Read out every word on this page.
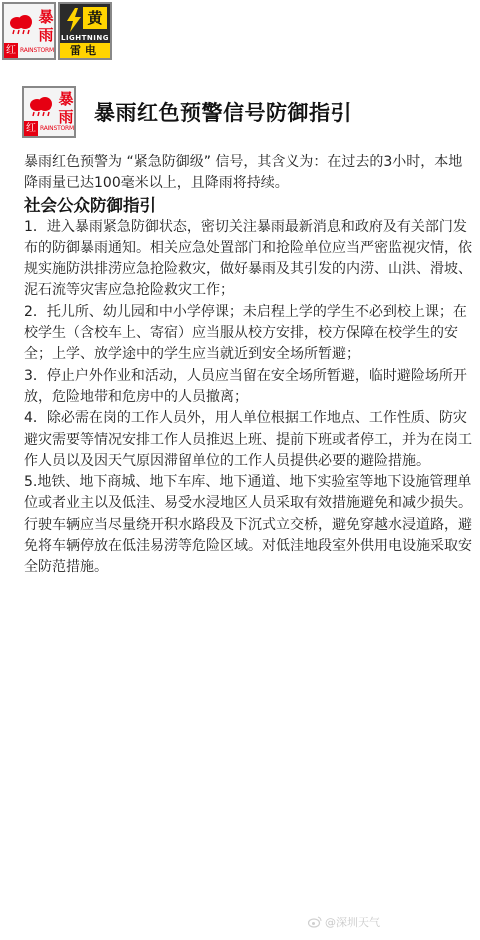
暴
雨
红 RAINSTORM
黄
LIGHTNING
雷电
暴
雨
红 RAINSTORM
暴雨红色预警信号防御指引

暴雨红色预警为 “紧急防御级” 信号，其含义为：在过去的3小时，本地降雨量已达100毫米以上，且降雨将持续。

社会公众防御指引

1．进入暴雨紧急防御状态，密切关注暴雨最新消息和政府及有关部门发布的防御暴雨通知。相关应急处置部门和抢险单位应当严密监视灾情，依规实施防洪排涝应急抢险救灾，做好暴雨及其引发的内涝、山洪、滑坡、泥石流等灾害应急抢险救灾工作；

2．托儿所、幼儿园和中小学停课；未启程上学的学生不必到校上课；在校学生（含校车上、寄宿）应当服从校方安排，校方保障在校学生的安全；上学、放学途中的学生应当就近到安全场所暂避；

3．停止户外作业和活动，人员应当留在安全场所暂避，临时避险场所开放，危险地带和危房中的人员撤离；

4．除必需在岗的工作人员外，用人单位根据工作地点、工作性质、防灾避灾需要等情况安排工作人员推迟上班、提前下班或者停工，并为在岗工作人员以及因天气原因滞留单位的工作人员提供必要的避险措施。

5.地铁、地下商城、地下车库、地下通道、地下实验室等地下设施管理单位或者业主以及低洼、易受水浸地区人员采取有效措施避免和减少损失。行驶车辆应当尽量绕开积水路段及下沉式立交桥，避免穿越水浸道路，避免将车辆停放在低洼易涝等危险区域。对低洼地段室外供用电设施采取安全防范措施。

@深圳天气
